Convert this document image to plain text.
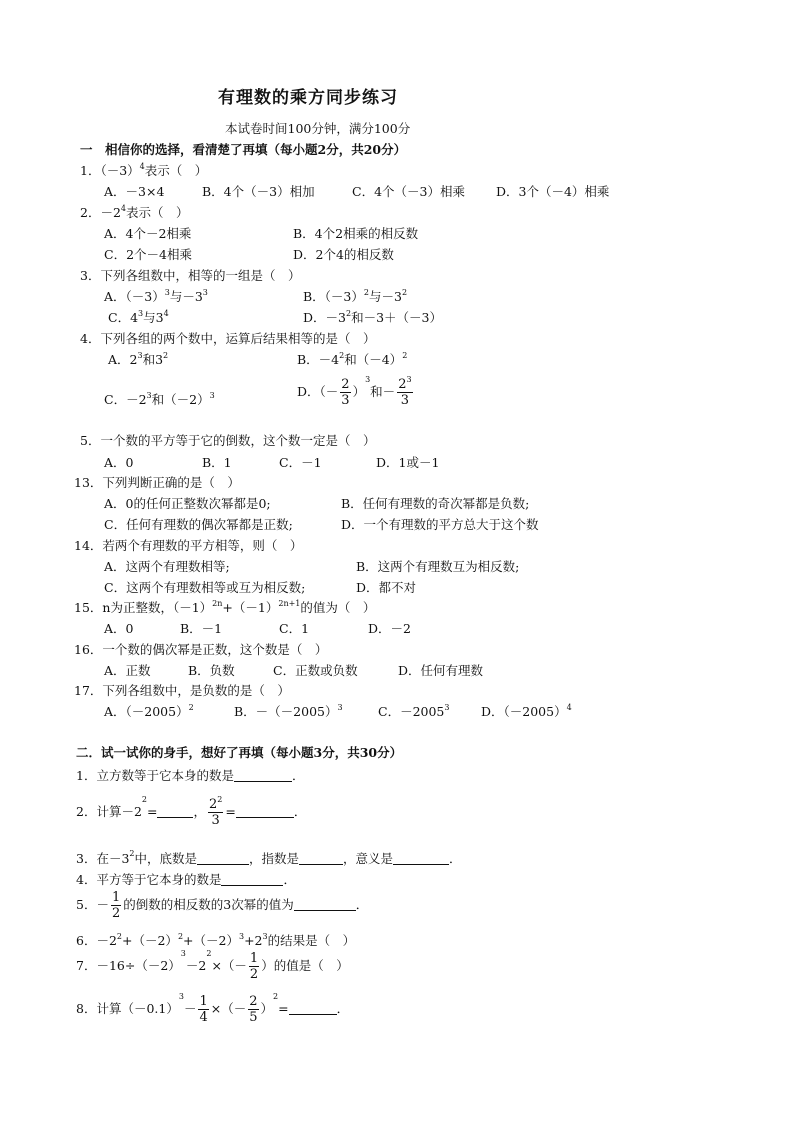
有理数的乘方同步练习
本试卷时间100分钟，满分100分
一　相信你的选择，看清楚了再填（每小题2分，共20分）
1．$(-3)^4$表示（　）
A．－3×4	B．4个（－3）相加	C．4个（－3）相乘 D．3个（－4）相乘
2．$-2^4$表示（　）
A．4个－2相乘	B．4个2相乘的相反数
C．2个－4相乘	D．2个4的相反数
3．下列各组数中，相等的一组是（　）
A．$(-3)^3$与$-3^3$	B．$(-3)^2$与$-3^2$
C．$4^3$与$3^4$	D．$-3^2$和－3＋（－3）
4．下列各组的两个数中，运算后结果相等的是（　）
A．$2^3$和$3^2$	B．$-4^2$和$(-4)^2$
C．$-2^3$和$(-2)^3$	D．（－ $\frac{2}{3} )^3$和－ $\frac{2^3}{3}$
5．一个数的平方等于它的倒数，这个数一定是（　）
A．0	B．1	C．－1	D．1或－1
13．下列判断正确的是（　）
A．0的任何正整数次幂都是0;	B．任何有理数的奇次幂都是负数;
C．任何有理数的偶次幂都是正数;	D．一个有理数的平方总大于这个数
14．若两个有理数的平方相等，则（　）
A．这两个有理数相等;	B．这两个有理数互为相反数;
C．这两个有理数相等或互为相反数;	D．都不对
15．n为正整数，$(-1)^{2n}+(-1)^{2n+1}$的值为（　）
A．0	B．－1	C．1	D．－2
16．一个数的偶次幂是正数，这个数是（　）
A．正数	B．负数	C．正数或负数	D．任何有理数
17．下列各组数中，是负数的是（　）
A．$(-2005)^2$	B．$-(-2005)^3$	C．$-2005^3$	D．$(-2005)^4$
二．试一试你的身手，想好了再填（每小题3分，共30分）
1．立方数等于它本身的数是	．
2．计算$-2^2=$	， $\frac{2^2}{3}$ =	．
3．在$-3^2$中，底数是	，指数是	，意义是	．
4．平方等于它本身的数是	．
5．－ $\frac{1}{2}$ 的倒数的相反数的3次幂的值为	．
6．$-2^2+(-2)^2+(-2)^3+2^3$的结果是（　）
7．$-16\div(-2)^3-2^2\times(- \frac{1}{2}$ ）的值是（　）
8．计算$(-0.1)^3- \frac{1}{4}$ ×（－ $\frac{2}{5} )^2=$	．
